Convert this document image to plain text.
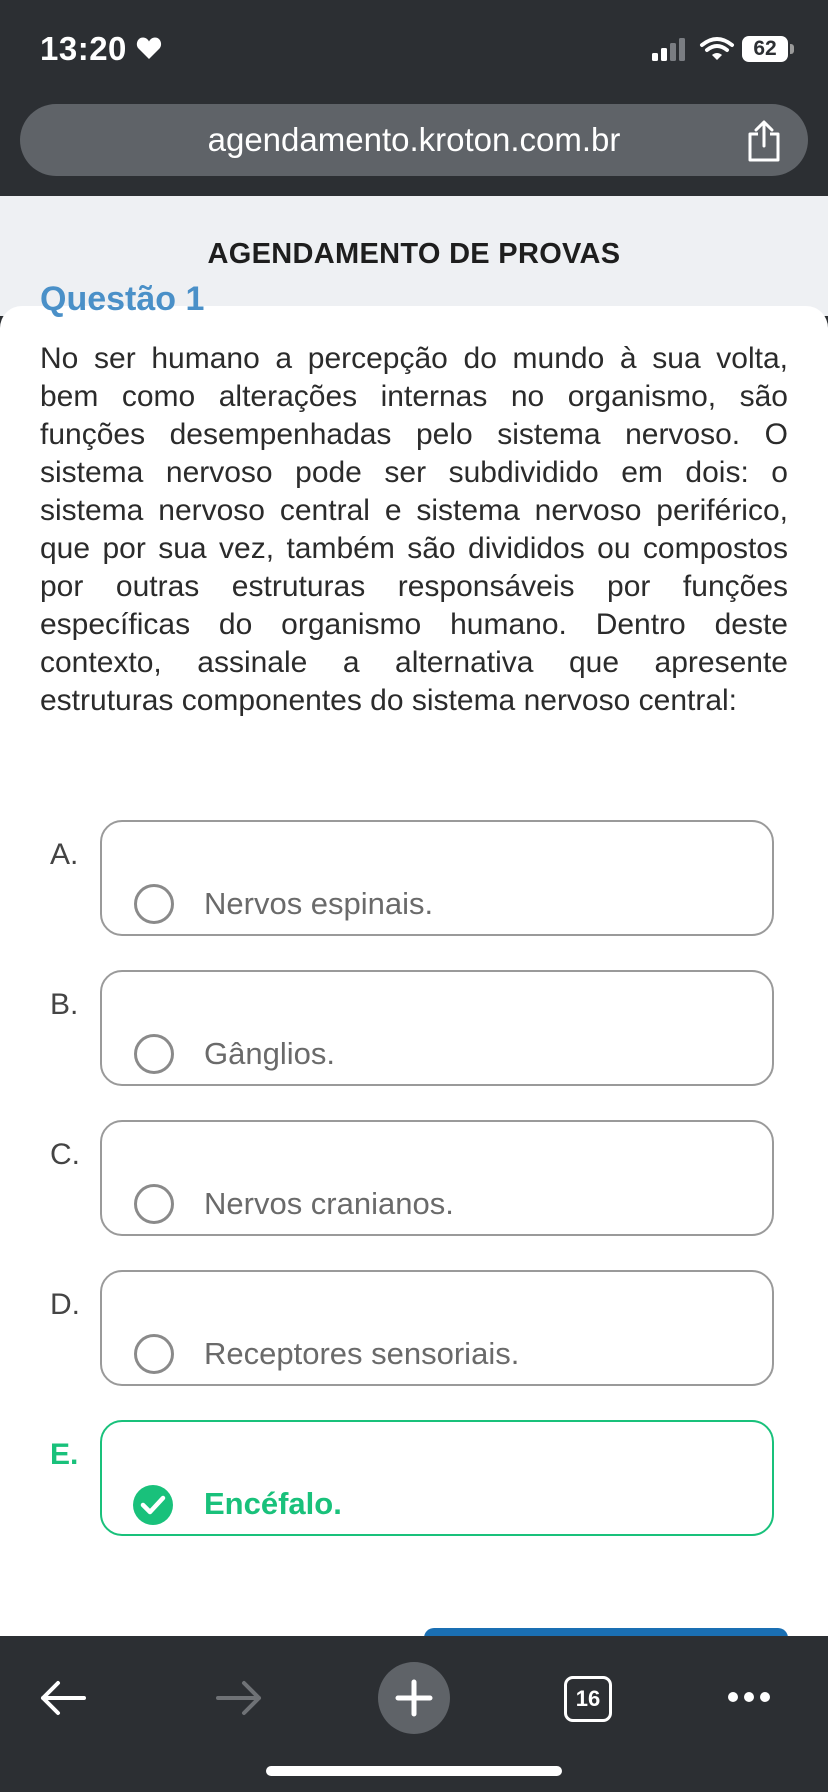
13:20	62
agendamento.kroton.com.br
AGENDAMENTO DE PROVAS
Questão 1

No ser humano a percepção do mundo à sua volta, bem como alterações internas no organismo, são funções desempenhadas pelo sistema nervoso. O sistema nervoso pode ser subdividido em dois: o sistema nervoso central e sistema nervoso periférico, que por sua vez, também são divididos ou compostos por outras estruturas responsáveis por funções específicas do organismo humano. Dentro deste contexto, assinale a alternativa que apresente estruturas componentes do sistema nervoso central:

A.
Nervos espinais.
B.
Gânglios.
C.
Nervos cranianos.
D.
Receptores sensoriais.
E.
Encéfalo.
16
